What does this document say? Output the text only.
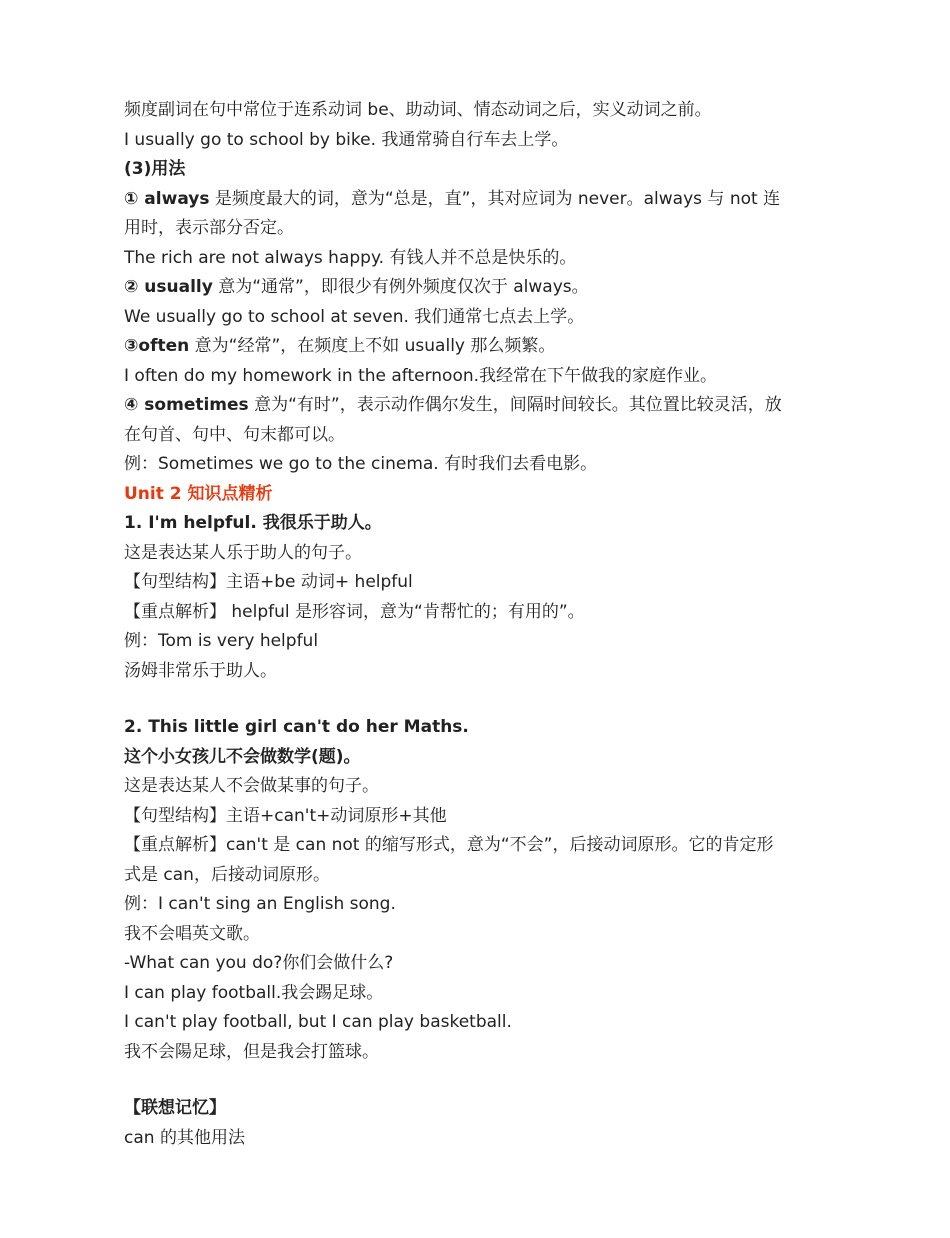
频度副词在句中常位于连系动词 be、助动词、情态动词之后，实义动词之前。
I usually go to school by bike. 我通常骑自行车去上学。
(3)用法
① always 是频度最大的词，意为“总是，直”，其对应词为 never。always 与 not 连
用时，表示部分否定。
The rich are not always happy. 有钱人并不总是快乐的。
② usually 意为“通常”，即很少有例外频度仅次于 always。
We usually go to school at seven. 我们通常七点去上学。
③often 意为“经常”，在频度上不如 usually 那么频繁。
I often do my homework in the afternoon.我经常在下午做我的家庭作业。
④ sometimes 意为“有时”，表示动作偶尔发生，间隔时间较长。其位置比较灵活，放
在句首、句中、句末都可以。
例：Sometimes we go to the cinema. 有时我们去看电影。
Unit 2 知识点精析
1. I'm helpful. 我很乐于助人。
这是表达某人乐于助人的句子。
【句型结构】主语+be 动词+ helpful
【重点解析】 helpful 是形容词，意为“肯帮忙的；有用的”。
例：Tom is very helpful
汤姆非常乐于助人。
2. This little girl can't do her Maths.
这个小女孩儿不会做数学(题)。
这是表达某人不会做某事的句子。
【句型结构】主语+can't+动词原形+其他
【重点解析】can't 是 can not 的缩写形式，意为“不会”，后接动词原形。它的肯定形
式是 can，后接动词原形。
例：I can't sing an English song.
我不会唱英文歌。
-What can you do?你们会做什么?
I can play football.我会踢足球。
I can't play football, but I can play basketball.
我不会陽足球，但是我会打篮球。
【联想记忆】
can 的其他用法
